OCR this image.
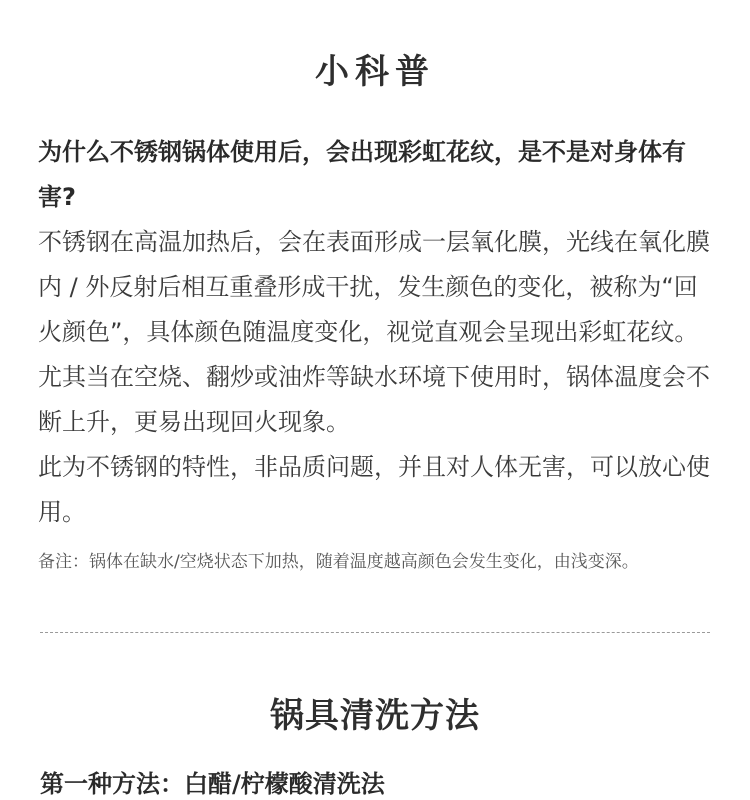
小科普

为什么不锈钢锅体使用后，会出现彩虹花纹，是不是对身体有害?

不锈钢在高温加热后，会在表面形成一层氧化膜，光线在氧化膜内 / 外反射后相互重叠形成干扰，发生颜色的变化，被称为“回火颜色”，具体颜色随温度变化，视觉直观会呈现出彩虹花纹。尤其当在空烧、翻炒或油炸等缺水环境下使用时，锅体温度会不断上升，更易出现回火现象。

此为不锈钢的特性，非品质问题，并且对人体无害，可以放心使用。

备注：锅体在缺水/空烧状态下加热，随着温度越高颜色会发生变化，由浅变深。

锅具清洗方法
第一种方法：白醋/柠檬酸清洗法
